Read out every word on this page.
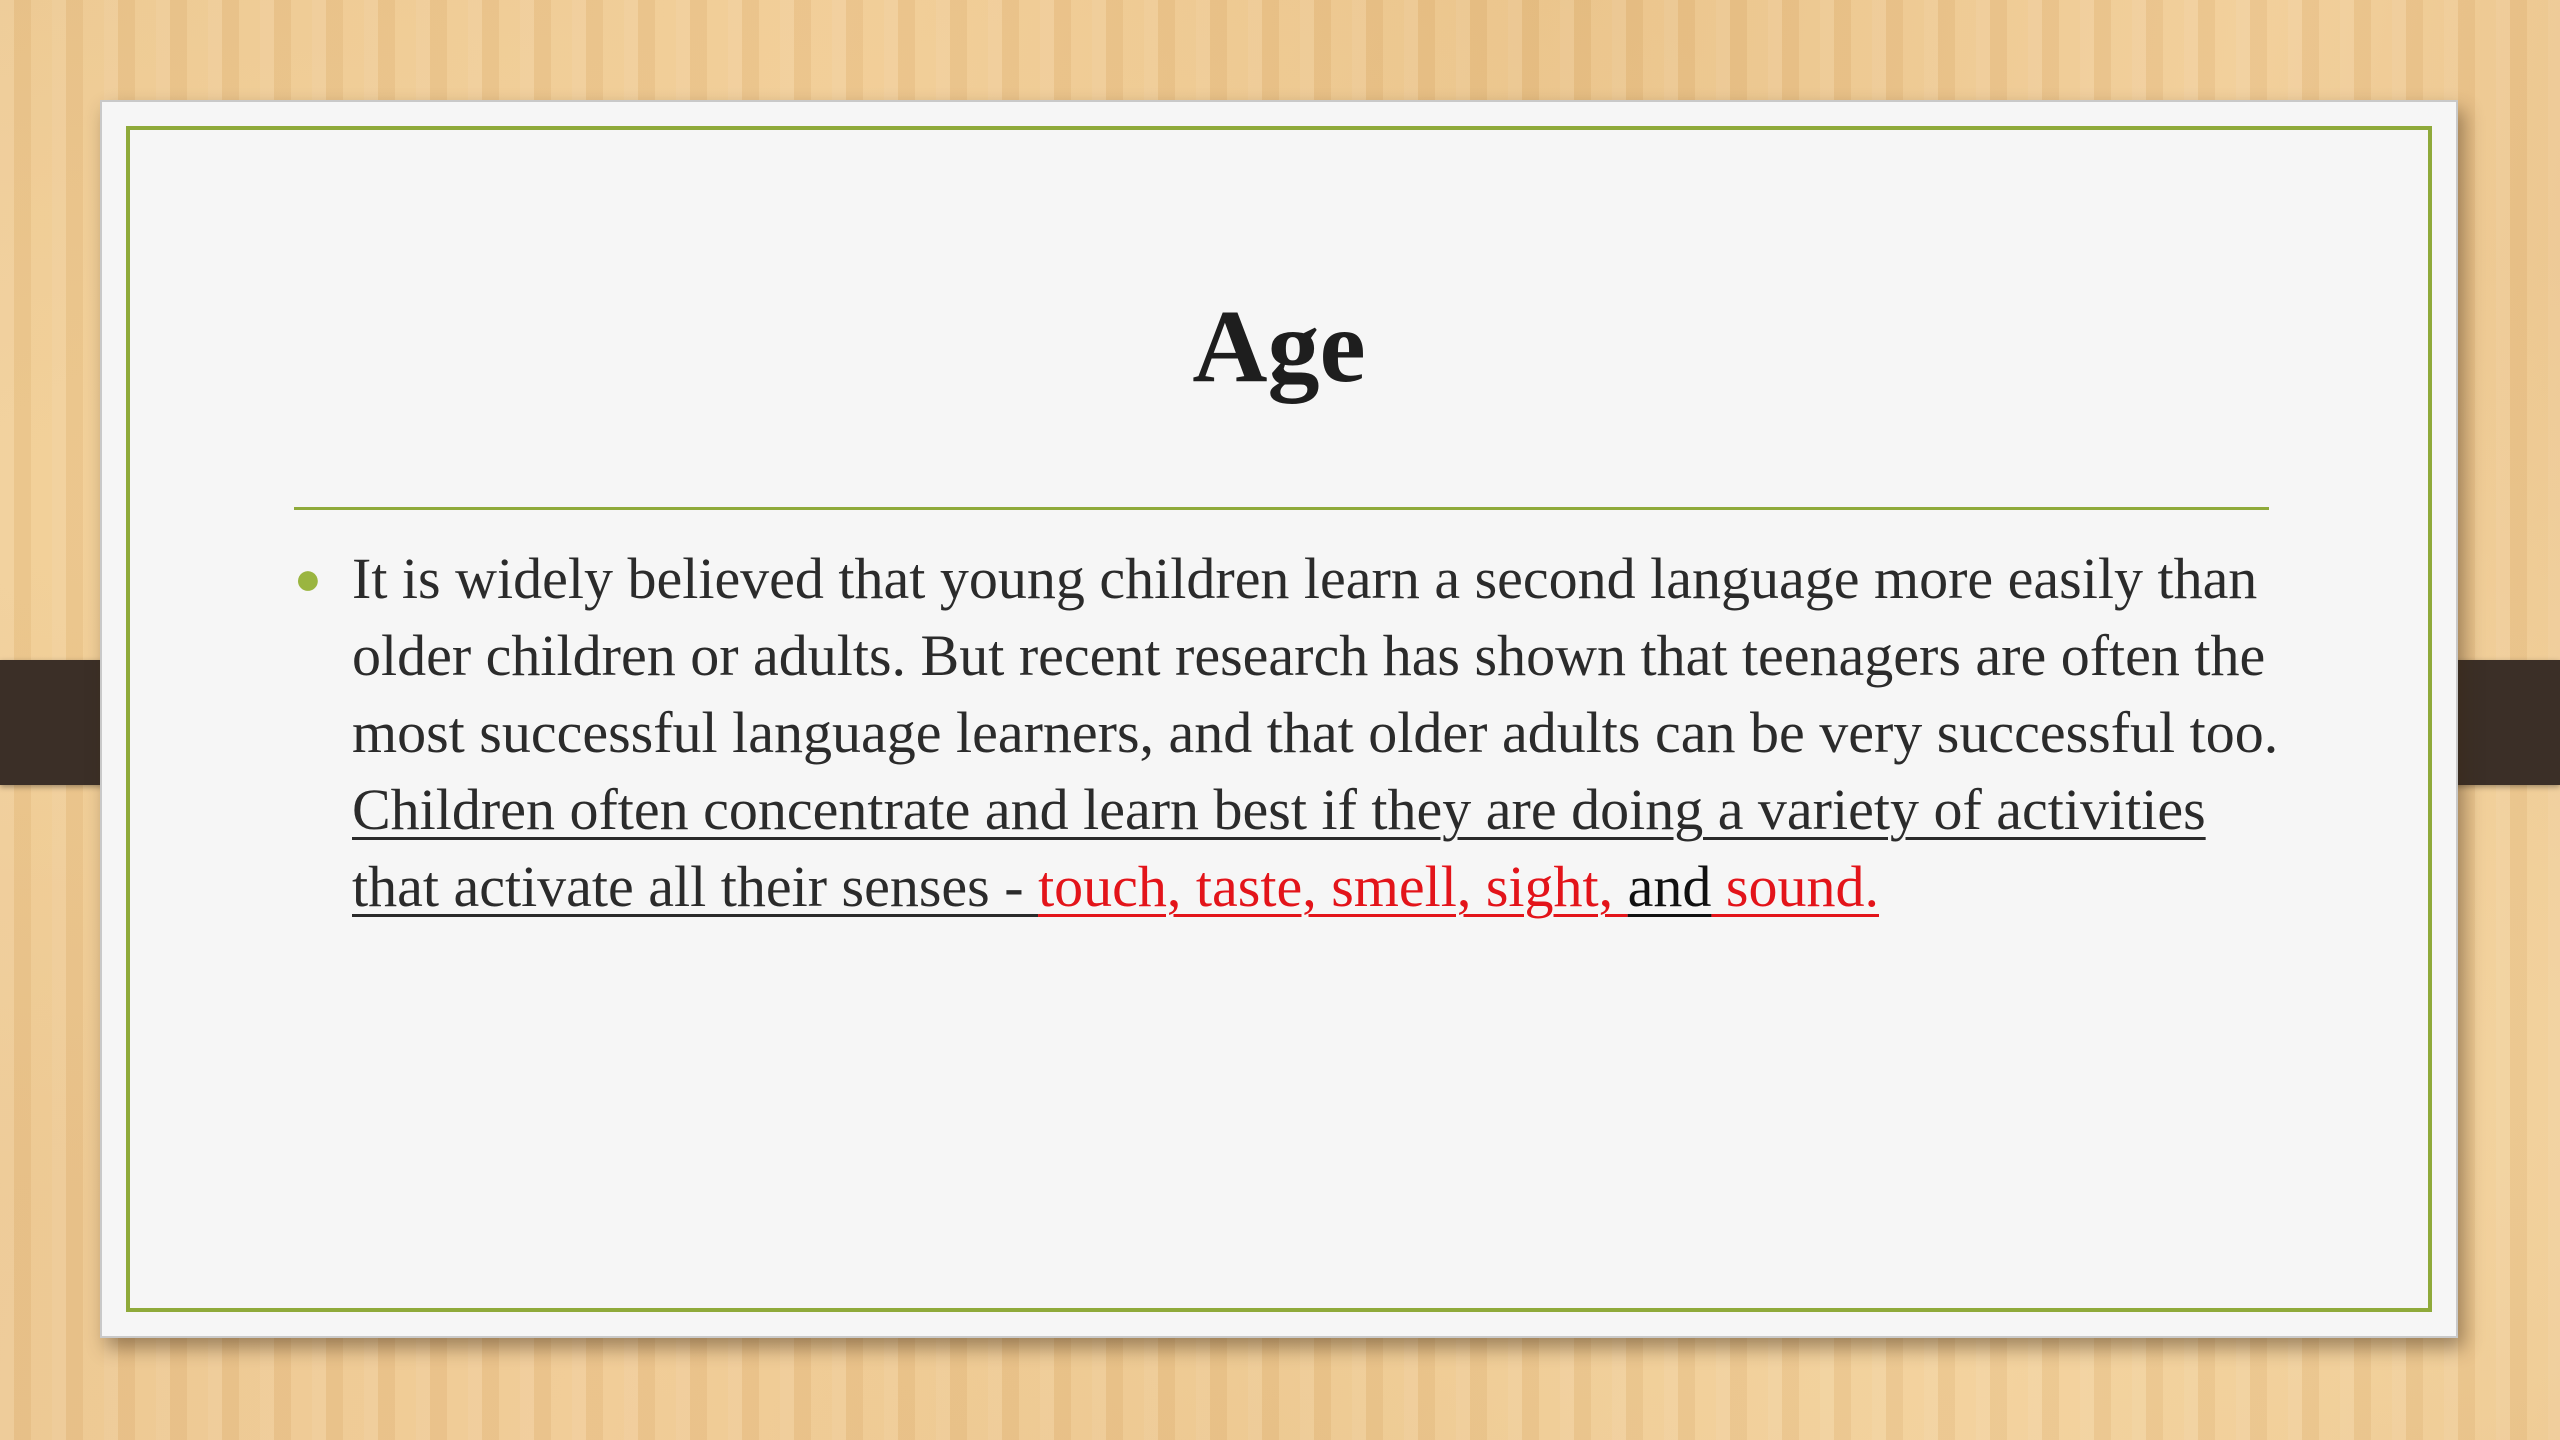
Age

● It is widely believed that young children learn a second language more easily than older children or adults. But recent research has shown that teenagers are often the most successful language learners, and that older adults can be very successful too. Children often concentrate and learn best if they are doing a variety of activities that activate all their senses - touch, taste, smell, sight, and sound.
